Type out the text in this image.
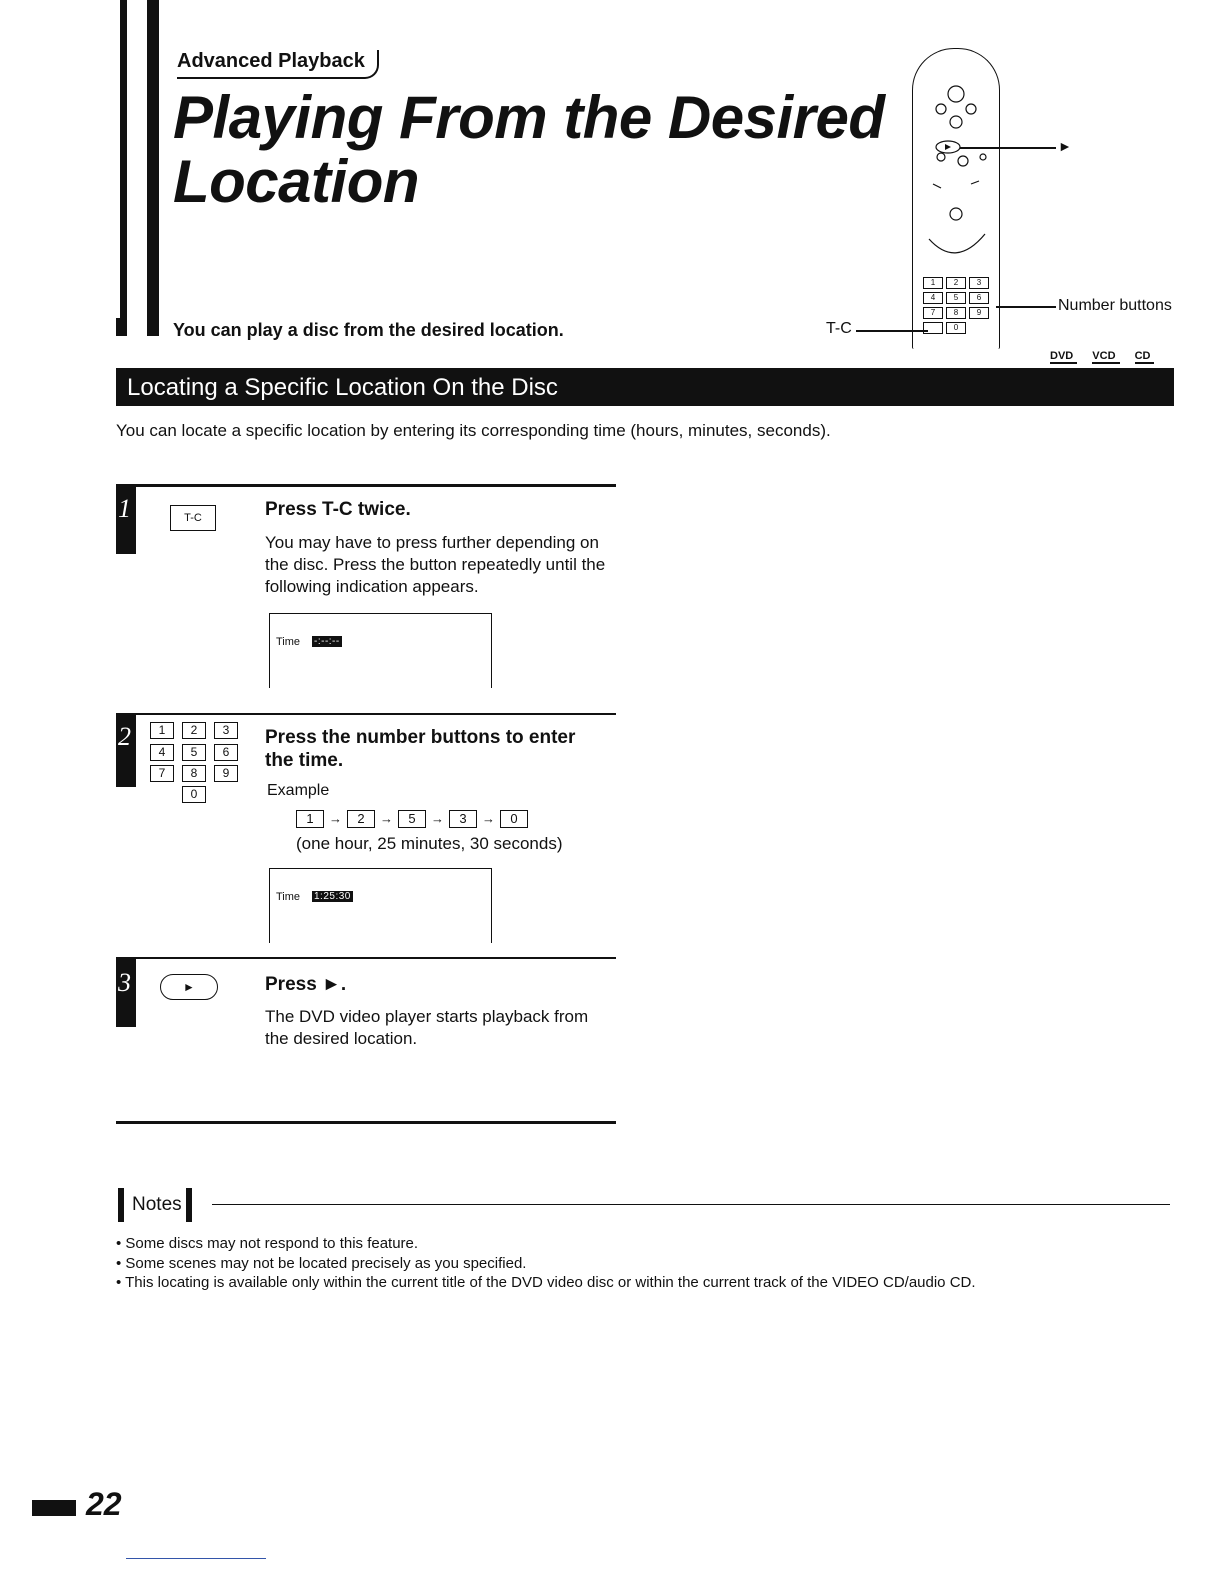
Advanced Playback
Playing From the Desired
Location
You can play a disc from the desired location.
1	2	3
4	5	6
7	8	9
0
►
Number buttons
T-C
DVD VCD CD
Locating a Specific Location On the Disc
You can locate a specific location by entering its corresponding time (hours, minutes, seconds).
1	T-C	Press T-C twice.
You may have to press further depending on the disc. Press the button repeatedly until the following indication appears.
Time -:--:--
2	1	2	3
4	5	6
7	8	9
0
Press the number buttons to enter the time.
Example
1 → 2 → 5 → 3 → 0
(one hour, 25 minutes, 30 seconds)
Time 1:25:30
3	►	Press ►.
The DVD video player starts playback from the desired location.
Notes
• Some discs may not respond to this feature.
• Some scenes may not be located precisely as you specified.
• This locating is available only within the current title of the DVD video disc or within the current track of the VIDEO CD/audio CD.
22
